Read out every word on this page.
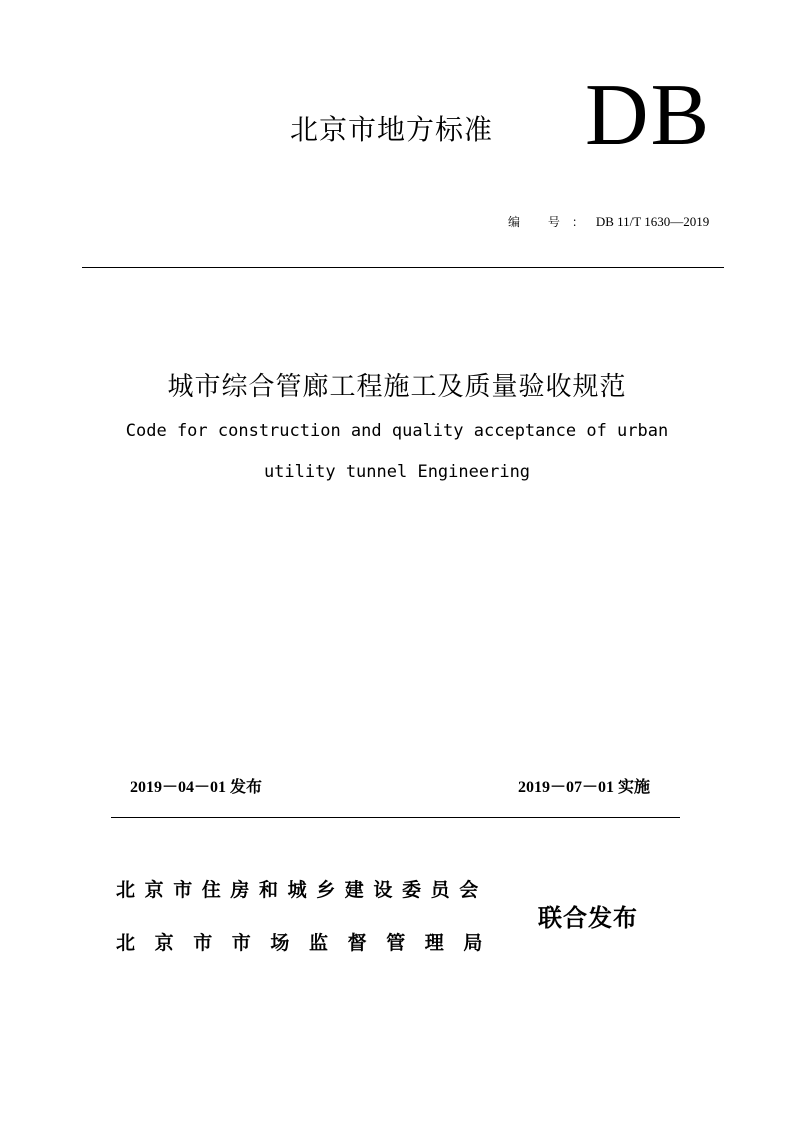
北京市地方标准 DB
编 号：DB 11/T 1630—2019
城市综合管廊工程施工及质量验收规范
Code for construction and quality acceptance of urban
utility tunnel Engineering
2019－04－01 发布	2019－07－01 实施
北京市住房和城乡建设委员会
北京市市场监督管理局
联合发布
